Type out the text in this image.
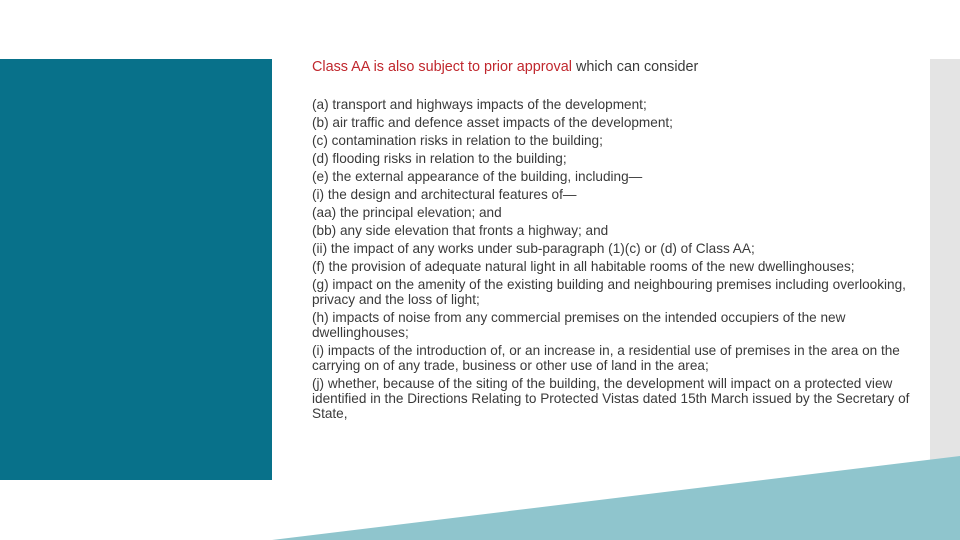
Class AA is also subject to prior approval which can consider

(a) transport and highways impacts of the development;

(b) air traffic and defence asset impacts of the development;

(c) contamination risks in relation to the building;

(d) flooding risks in relation to the building;

(e) the external appearance of the building, including—

(i) the design and architectural features of—

(aa) the principal elevation; and

(bb) any side elevation that fronts a highway; and

(ii) the impact of any works under sub-paragraph (1)(c) or (d) of Class AA;

(f) the provision of adequate natural light in all habitable rooms of the new dwellinghouses;

(g) impact on the amenity of the existing building and neighbouring premises including overlooking, privacy and the loss of light;

(h) impacts of noise from any commercial premises on the intended occupiers of the new dwellinghouses;

(i) impacts of the introduction of, or an increase in, a residential use of premises in the area on the carrying on of any trade, business or other use of land in the area;

(j) whether, because of the siting of the building, the development will impact on a protected view identified in the Directions Relating to Protected Vistas dated 15th March issued by the Secretary of State,
